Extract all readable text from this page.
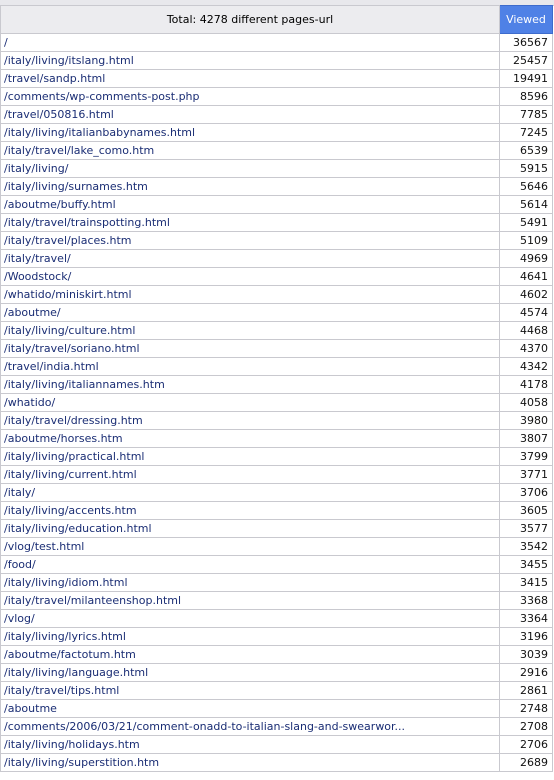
Total: 4278 different pages-url	Viewed
/	36567
/italy/living/itslang.html	25457
/travel/sandp.html	19491
/comments/wp-comments-post.php	8596
/travel/050816.html	7785
/italy/living/italianbabynames.html	7245
/italy/travel/lake_como.htm	6539
/italy/living/	5915
/italy/living/surnames.htm	5646
/aboutme/buffy.html	5614
/italy/travel/trainspotting.html	5491
/italy/travel/places.htm	5109
/italy/travel/	4969
/Woodstock/	4641
/whatido/miniskirt.html	4602
/aboutme/	4574
/italy/living/culture.html	4468
/italy/travel/soriano.html	4370
/travel/india.html	4342
/italy/living/italiannames.htm	4178
/whatido/	4058
/italy/travel/dressing.htm	3980
/aboutme/horses.htm	3807
/italy/living/practical.html	3799
/italy/living/current.html	3771
/italy/	3706
/italy/living/accents.htm	3605
/italy/living/education.html	3577
/vlog/test.html	3542
/food/	3455
/italy/living/idiom.html	3415
/italy/travel/milanteenshop.html	3368
/vlog/	3364
/italy/living/lyrics.html	3196
/aboutme/factotum.htm	3039
/italy/living/language.html	2916
/italy/travel/tips.html	2861
/aboutme	2748
/comments/2006/03/21/comment-onadd-to-italian-slang-and-swearwor...	2708
/italy/living/holidays.htm	2706
/italy/living/superstition.htm	2689
